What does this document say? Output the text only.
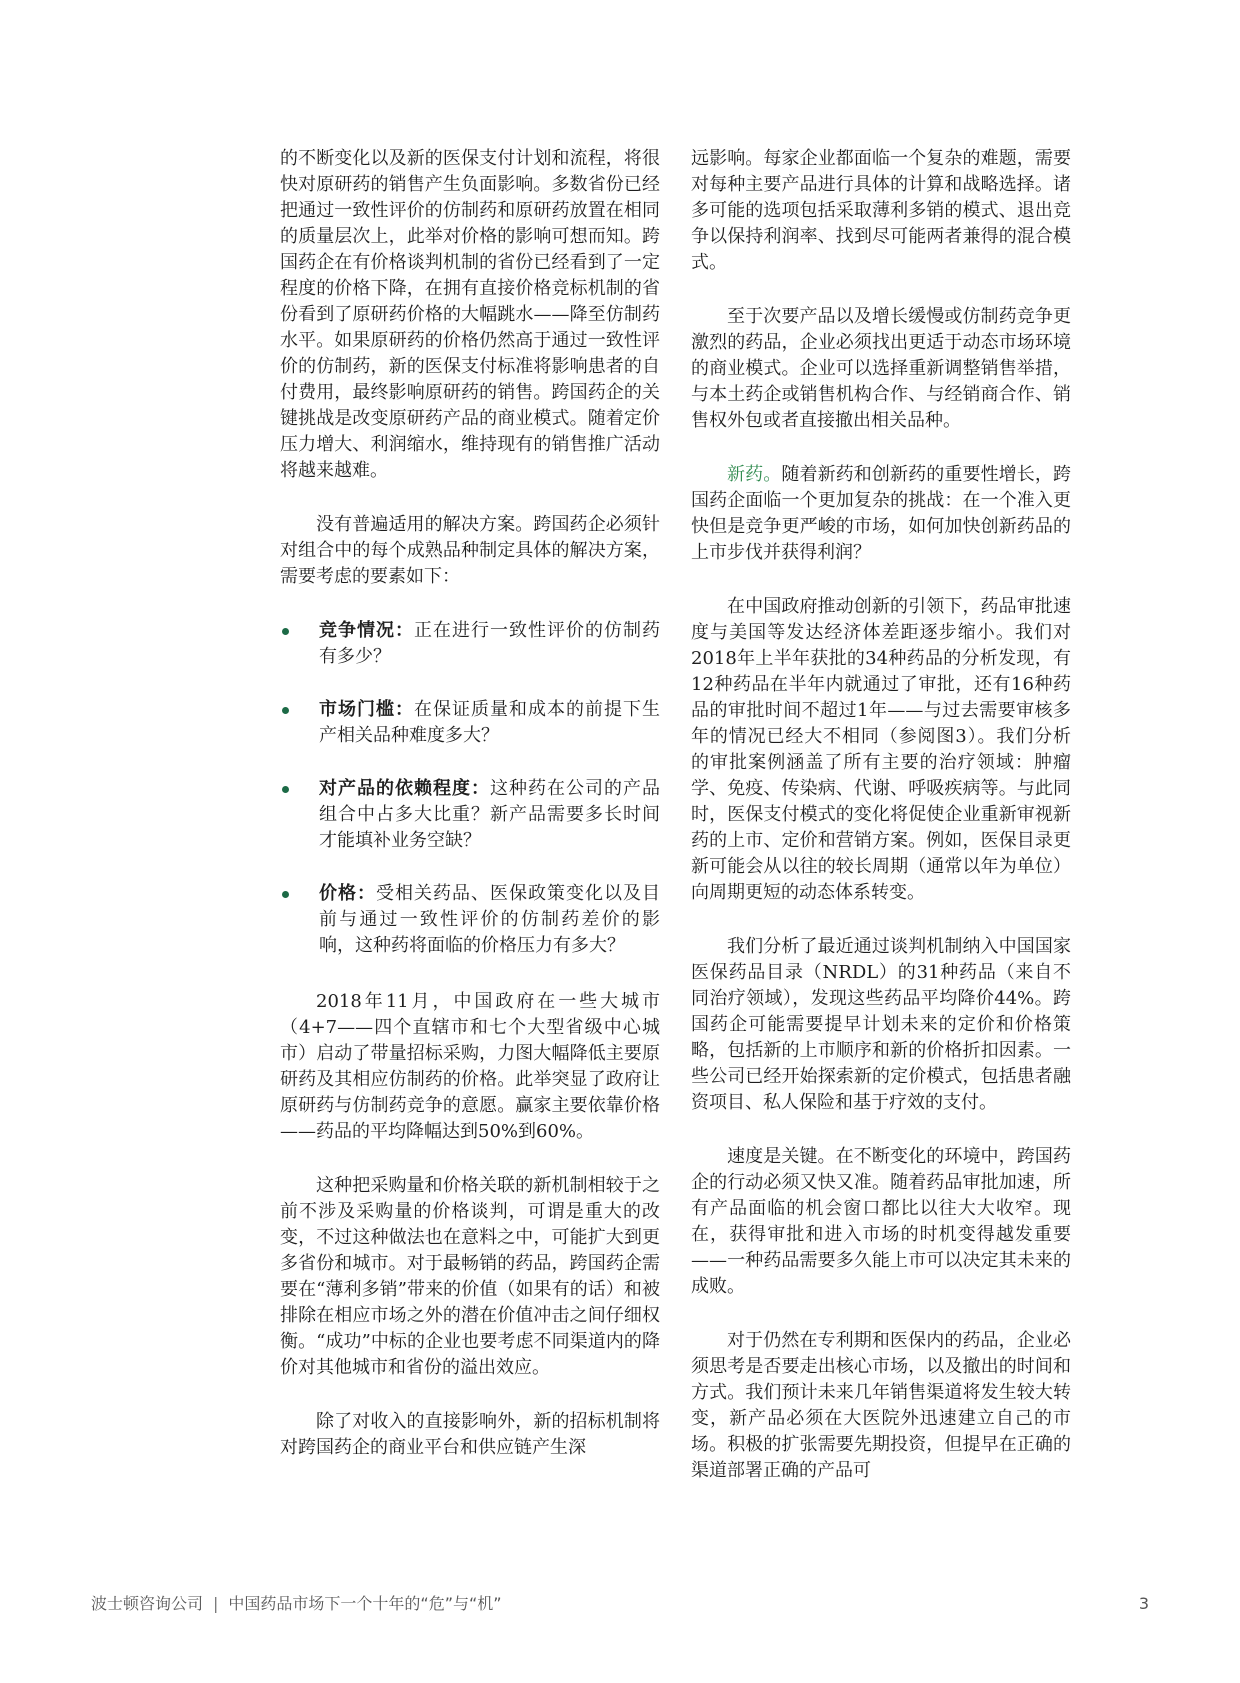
的不断变化以及新的医保支付计划和流程，将很快对原研药的销售产生负面影响。多数省份已经把通过一致性评价的仿制药和原研药放置在相同的质量层次上，此举对价格的影响可想而知。跨国药企在有价格谈判机制的省份已经看到了一定程度的价格下降，在拥有直接价格竞标机制的省份看到了原研药价格的大幅跳水——降至仿制药水平。如果原研药的价格仍然高于通过一致性评价的仿制药，新的医保支付标准将影响患者的自付费用，最终影响原研药的销售。跨国药企的关键挑战是改变原研药产品的商业模式。随着定价压力增大、利润缩水，维持现有的销售推广活动将越来越难。

没有普遍适用的解决方案。跨国药企必须针对组合中的每个成熟品种制定具体的解决方案，需要考虑的要素如下：

竞争情况：正在进行一致性评价的仿制药有多少？
市场门槛：在保证质量和成本的前提下生产相关品种难度多大？
对产品的依赖程度：这种药在公司的产品组合中占多大比重？新产品需要多长时间才能填补业务空缺？
价格：受相关药品、医保政策变化以及目前与通过一致性评价的仿制药差价的影响，这种药将面临的价格压力有多大？

2018年11月，中国政府在一些大城市（4+7——四个直辖市和七个大型省级中心城市）启动了带量招标采购，力图大幅降低主要原研药及其相应仿制药的价格。此举突显了政府让原研药与仿制药竞争的意愿。赢家主要依靠价格——药品的平均降幅达到50%到60%。

这种把采购量和价格关联的新机制相较于之前不涉及采购量的价格谈判，可谓是重大的改变，不过这种做法也在意料之中，可能扩大到更多省份和城市。对于最畅销的药品，跨国药企需要在“薄利多销”带来的价值（如果有的话）和被排除在相应市场之外的潜在价值冲击之间仔细权衡。“成功”中标的企业也要考虑不同渠道内的降价对其他城市和省份的溢出效应。

除了对收入的直接影响外，新的招标机制将对跨国药企的商业平台和供应链产生深

远影响。每家企业都面临一个复杂的难题，需要对每种主要产品进行具体的计算和战略选择。诸多可能的选项包括采取薄利多销的模式、退出竞争以保持利润率、找到尽可能两者兼得的混合模式。

至于次要产品以及增长缓慢或仿制药竞争更激烈的药品，企业必须找出更适于动态市场环境的商业模式。企业可以选择重新调整销售举措，与本土药企或销售机构合作、与经销商合作、销售权外包或者直接撤出相关品种。

新药。随着新药和创新药的重要性增长，跨国药企面临一个更加复杂的挑战：在一个准入更快但是竞争更严峻的市场，如何加快创新药品的上市步伐并获得利润？

在中国政府推动创新的引领下，药品审批速度与美国等发达经济体差距逐步缩小。我们对2018年上半年获批的34种药品的分析发现，有12种药品在半年内就通过了审批，还有16种药品的审批时间不超过1年——与过去需要审核多年的情况已经大不相同（参阅图3）。我们分析的审批案例涵盖了所有主要的治疗领域：肿瘤学、免疫、传染病、代谢、呼吸疾病等。与此同时，医保支付模式的变化将促使企业重新审视新药的上市、定价和营销方案。例如，医保目录更新可能会从以往的较长周期（通常以年为单位）向周期更短的动态体系转变。

我们分析了最近通过谈判机制纳入中国国家医保药品目录（NRDL）的31种药品（来自不同治疗领域），发现这些药品平均降价44%。跨国药企可能需要提早计划未来的定价和价格策略，包括新的上市顺序和新的价格折扣因素。一些公司已经开始探索新的定价模式，包括患者融资项目、私人保险和基于疗效的支付。

速度是关键。在不断变化的环境中，跨国药企的行动必须又快又准。随着药品审批加速，所有产品面临的机会窗口都比以往大大收窄。现在，获得审批和进入市场的时机变得越发重要——一种药品需要多久能上市可以决定其未来的成败。

对于仍然在专利期和医保内的药品，企业必须思考是否要走出核心市场，以及撤出的时间和方式。我们预计未来几年销售渠道将发生较大转变，新产品必须在大医院外迅速建立自己的市场。积极的扩张需要先期投资，但提早在正确的渠道部署正确的产品可

波士顿咨询公司 | 中国药品市场下一个十年的“危”与“机”	3
